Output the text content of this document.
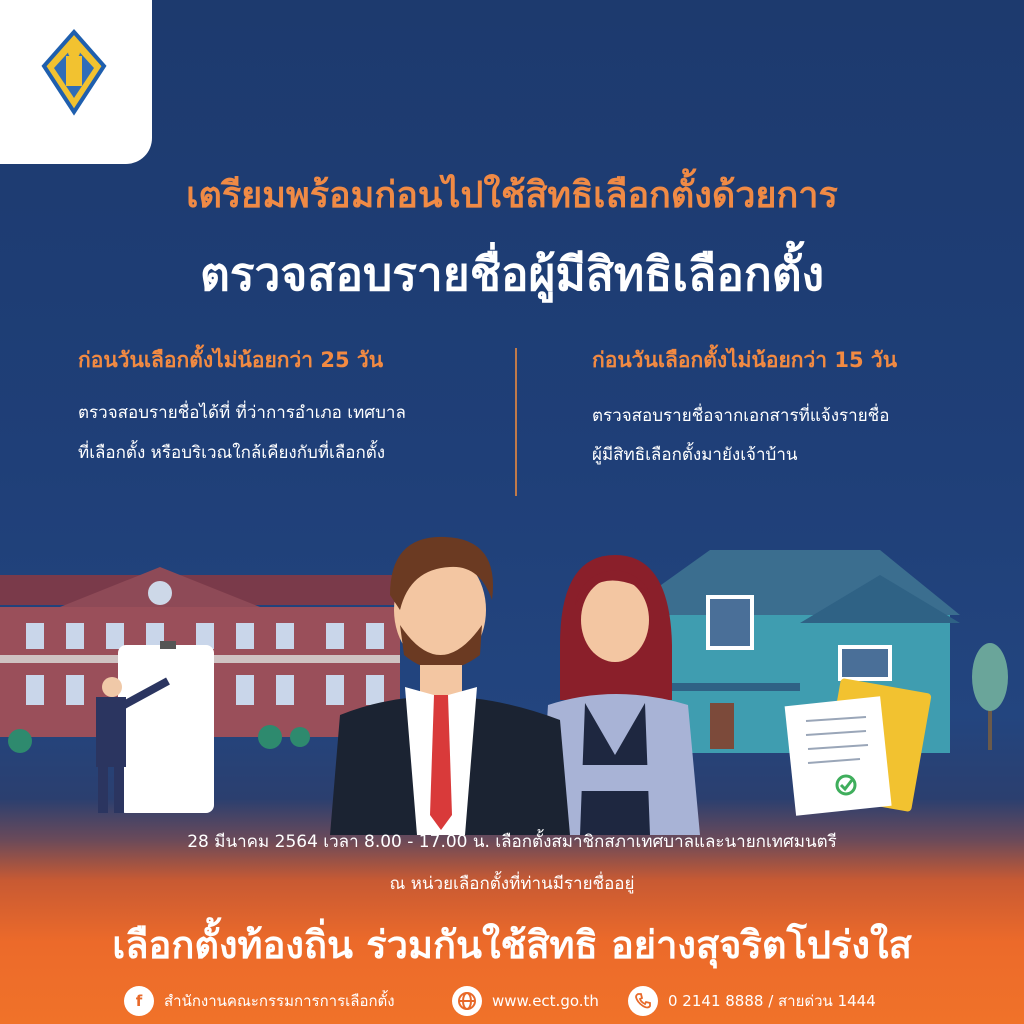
เตรียมพร้อมก่อนไปใช้สิทธิเลือกตั้งด้วยการ
ตรวจสอบรายชื่อผู้มีสิทธิเลือกตั้ง
ก่อนวันเลือกตั้งไม่น้อยกว่า 25 วัน
ตรวจสอบรายชื่อได้ที่ ที่ว่าการอำเภอ เทศบาล
ที่เลือกตั้ง หรือบริเวณใกล้เคียงกับที่เลือกตั้ง
ก่อนวันเลือกตั้งไม่น้อยกว่า 15 วัน
ตรวจสอบรายชื่อจากเอกสารที่แจ้งรายชื่อ
ผู้มีสิทธิเลือกตั้งมายังเจ้าบ้าน
28 มีนาคม 2564 เวลา 8.00 - 17.00 น. เลือกตั้งสมาชิกสภาเทศบาลและนายกเทศมนตรี
ณ หน่วยเลือกตั้งที่ท่านมีรายชื่ออยู่
เลือกตั้งท้องถิ่น ร่วมกันใช้สิทธิ อย่างสุจริตโปร่งใส
f	สำนักงานคณะกรรมการการเลือกตั้ง	www.ect.go.th	0 2141 8888 / สายด่วน 1444
